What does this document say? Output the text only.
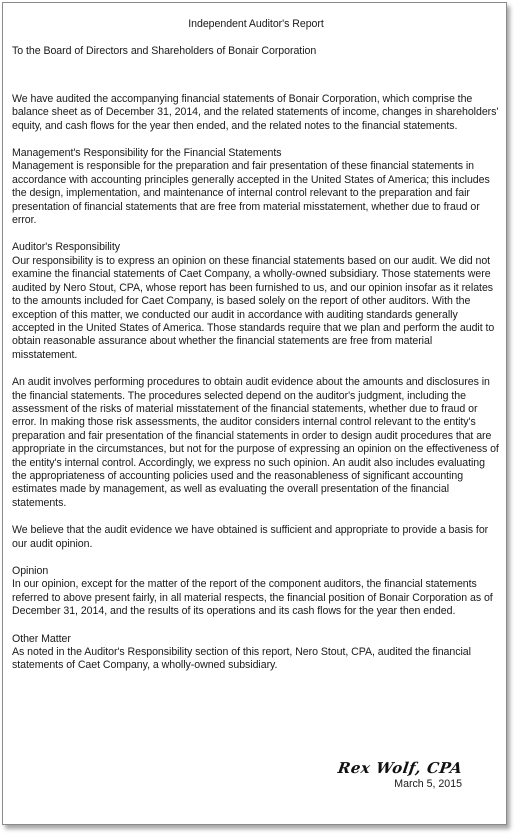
Independent Auditor's Report
To the Board of Directors and Shareholders of Bonair Corporation

We have audited the accompanying financial statements of Bonair Corporation, which comprise the balance sheet as of December 31, 2014, and the related statements of income, changes in shareholders' equity, and cash flows for the year then ended, and the related notes to the financial statements.

Management's Responsibility for the Financial Statements

Management is responsible for the preparation and fair presentation of these financial statements in accordance with accounting principles generally accepted in the United States of America; this includes the design, implementation, and maintenance of internal control relevant to the preparation and fair presentation of financial statements that are free from material misstatement, whether due to fraud or error.

Auditor's Responsibility

Our responsibility is to express an opinion on these financial statements based on our audit. We did not examine the financial statements of Caet Company, a wholly-owned subsidiary. Those statements were audited by Nero Stout, CPA, whose report has been furnished to us, and our opinion insofar as it relates to the amounts included for Caet Company, is based solely on the report of other auditors. With the exception of this matter, we conducted our audit in accordance with auditing standards generally accepted in the United States of America. Those standards require that we plan and perform the audit to obtain reasonable assurance about whether the financial statements are free from material misstatement.

An audit involves performing procedures to obtain audit evidence about the amounts and disclosures in the financial statements. The procedures selected depend on the auditor's judgment, including the assessment of the risks of material misstatement of the financial statements, whether due to fraud or error. In making those risk assessments, the auditor considers internal control relevant to the entity's preparation and fair presentation of the financial statements in order to design audit procedures that are appropriate in the circumstances, but not for the purpose of expressing an opinion on the effectiveness of the entity's internal control. Accordingly, we express no such opinion. An audit also includes evaluating the appropriateness of accounting policies used and the reasonableness of significant accounting estimates made by management, as well as evaluating the overall presentation of the financial statements.

We believe that the audit evidence we have obtained is sufficient and appropriate to provide a basis for our audit opinion.

Opinion

In our opinion, except for the matter of the report of the component auditors, the financial statements referred to above present fairly, in all material respects, the financial position of Bonair Corporation as of December 31, 2014, and the results of its operations and its cash flows for the year then ended.

Other Matter

As noted in the Auditor's Responsibility section of this report, Nero Stout, CPA, audited the financial statements of Caet Company, a wholly-owned subsidiary.

Rex Wolf, CPA
March 5, 2015
